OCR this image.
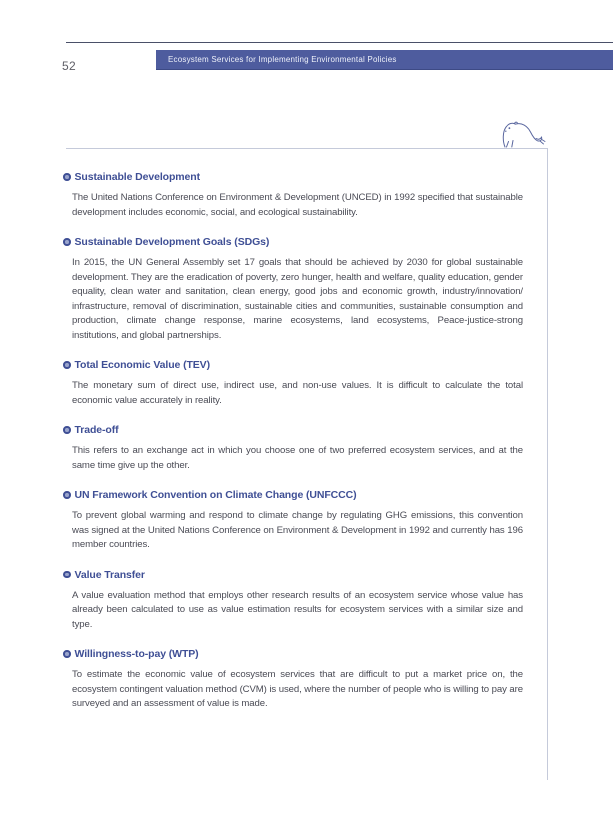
52	Ecosystem Services for Implementing Environmental Policies
Sustainable Development

The United Nations Conference on Environment & Development (UNCED) in 1992 specified that sustainable development includes economic, social, and ecological sustainability.

Sustainable Development Goals (SDGs)

In 2015, the UN General Assembly set 17 goals that should be achieved by 2030 for global sustainable development. They are the eradication of poverty, zero hunger, health and welfare, quality education, gender equality, clean water and sanitation, clean energy, good jobs and economic growth, industry/innovation/ infrastructure, removal of discrimination, sustainable cities and communities, sustainable consumption and production, climate change response, marine ecosystems, land ecosystems, Peace-justice-strong institutions, and global partnerships.

Total Economic Value (TEV)

The monetary sum of direct use, indirect use, and non-use values. It is difficult to calculate the total economic value accurately in reality.

Trade-off

This refers to an exchange act in which you choose one of two preferred ecosystem services, and at the same time give up the other.

UN Framework Convention on Climate Change (UNFCCC)

To prevent global warming and respond to climate change by regulating GHG emissions, this convention was signed at the United Nations Conference on Environment & Development in 1992 and currently has 196 member countries.

Value Transfer

A value evaluation method that employs other research results of an ecosystem service whose value has already been calculated to use as value estimation results for ecosystem services with a similar size and type.

Willingness-to-pay (WTP)

To estimate the economic value of ecosystem services that are difficult to put a market price on, the ecosystem contingent valuation method (CVM) is used, where the number of people who is willing to pay are surveyed and an assessment of value is made.
